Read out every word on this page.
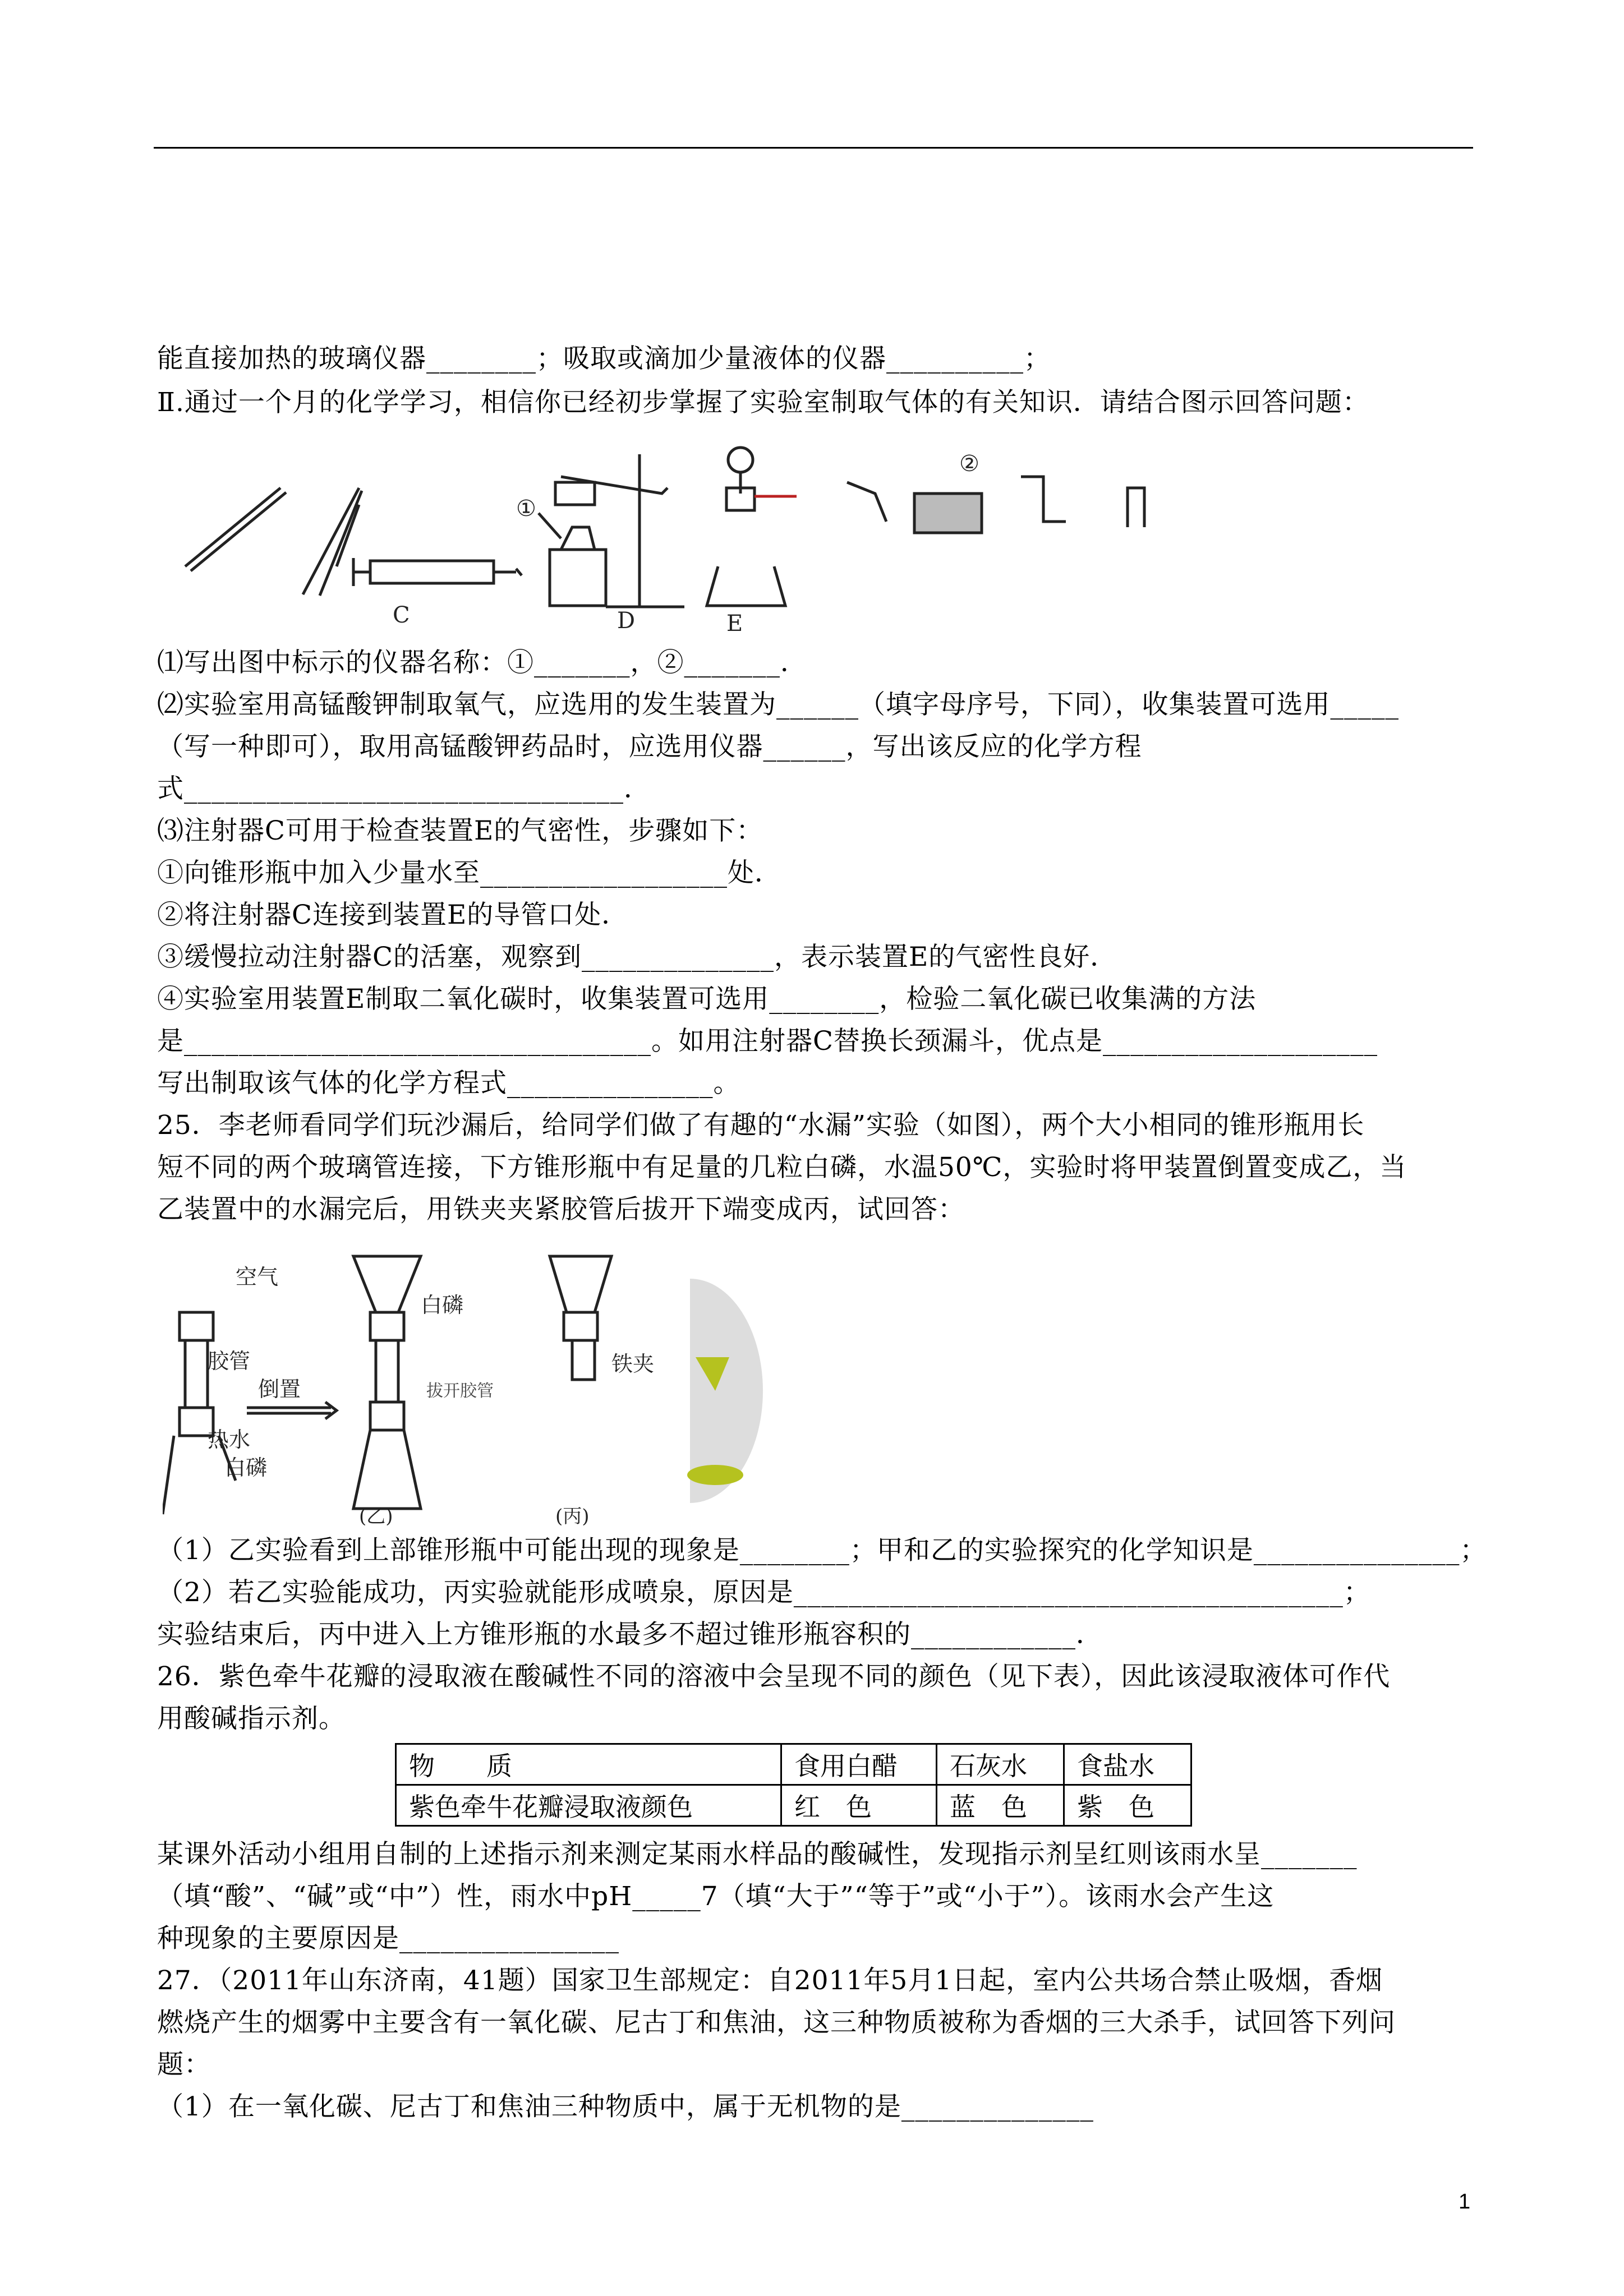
能直接加热的玻璃仪器________；吸取或滴加少量液体的仪器__________；
Ⅱ.通过一个月的化学学习，相信你已经初步掌握了实验室制取气体的有关知识．请结合图示回答问题：
C
①
D	E
②
⑴写出图中标示的仪器名称：①_______，②_______．
⑵实验室用高锰酸钾制取氧气，应选用的发生装置为______（填字母序号，下同），收集装置可选用_____
（写一种即可），取用高锰酸钾药品时，应选用仪器______，写出该反应的化学方程
式________________________________．
⑶注射器C可用于检查装置E的气密性，步骤如下：
①向锥形瓶中加入少量水至__________________处．
②将注射器C连接到装置E的导管口处．
③缓慢拉动注射器C的活塞，观察到______________，表示装置E的气密性良好．
④实验室用装置E制取二氧化碳时，收集装置可选用________，检验二氧化碳已收集满的方法
是__________________________________。如用注射器C替换长颈漏斗，优点是____________________
写出制取该气体的化学方程式_______________。
25．李老师看同学们玩沙漏后，给同学们做了有趣的“水漏”实验（如图），两个大小相同的锥形瓶用长
短不同的两个玻璃管连接，下方锥形瓶中有足量的几粒白磷，水温50℃，实验时将甲装置倒置变成乙，当
乙装置中的水漏完后，用铁夹夹紧胶管后拔开下端变成丙，试回答：
空气
胶管
倒置
热水
白磷
白磷
拔开胶管
(乙)
铁夹
(丙)
（1）乙实验看到上部锥形瓶中可能出现的现象是________；甲和乙的实验探究的化学知识是_______________；
（2）若乙实验能成功，丙实验就能形成喷泉，原因是________________________________________；
实验结束后，丙中进入上方锥形瓶的水最多不超过锥形瓶容积的____________．
26．紫色牵牛花瓣的浸取液在酸碱性不同的溶液中会呈现不同的颜色（见下表），因此该浸取液体可作代
用酸碱指示剂。
物　　质	食用白醋	石灰水	食盐水
紫色牵牛花瓣浸取液颜色	红　色	蓝　色	紫　色
某课外活动小组用自制的上述指示剂来测定某雨水样品的酸碱性，发现指示剂呈红则该雨水呈_______
（填“酸”、“碱”或“中”）性，雨水中pH_____7（填“大于”“等于”或“小于”）。该雨水会产生这
种现象的主要原因是________________
27．（2011年山东济南，41题）国家卫生部规定：自2011年5月1日起，室内公共场合禁止吸烟，香烟
燃烧产生的烟雾中主要含有一氧化碳、尼古丁和焦油，这三种物质被称为香烟的三大杀手，试回答下列问
题：
（1）在一氧化碳、尼古丁和焦油三种物质中，属于无机物的是______________
1
